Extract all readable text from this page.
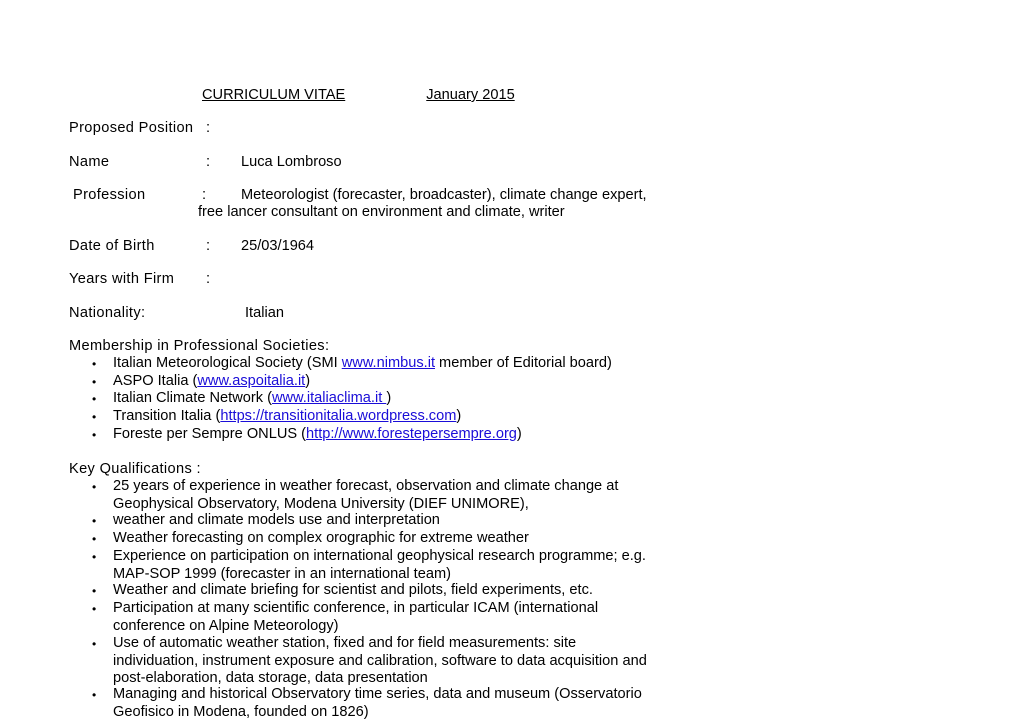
CURRICULUM VITAE	January 2015
Proposed Position :
Name	: Luca Lombroso
Profession	: Meteorologist (forecaster, broadcaster), climate change expert,
free lancer consultant on environment and climate, writer
Date of Birth	: 25/03/1964
Years with Firm :
Nationality:	Italian
Membership in Professional Societies:
• Italian Meteorological Society (SMI www.nimbus.it member of Editorial board)
• ASPO Italia (www.aspoitalia.it)
• Italian Climate Network (www.italiaclima.it )
• Transition Italia (https://transitionitalia.wordpress.com)
• Foreste per Sempre ONLUS (http://www.forestepersempre.org)
Key Qualifications :
• 25 years of experience in weather forecast, observation and climate change at
Geophysical Observatory, Modena University (DIEF UNIMORE),
• weather and climate models use and interpretation
• Weather forecasting on complex orographic for extreme weather
• Experience on participation on international geophysical research programme; e.g.
MAP-SOP 1999 (forecaster in an international team)
• Weather and climate briefing for scientist and pilots, field experiments, etc.
• Participation at many scientific conference, in particular ICAM (international
conference on Alpine Meteorology)
• Use of automatic weather station, fixed and for field measurements: site
individuation, instrument exposure and calibration, software to data acquisition and
post-elaboration, data storage, data presentation
• Managing and historical Observatory time series, data and museum (Osservatorio
Geofisico in Modena, founded on 1826)
